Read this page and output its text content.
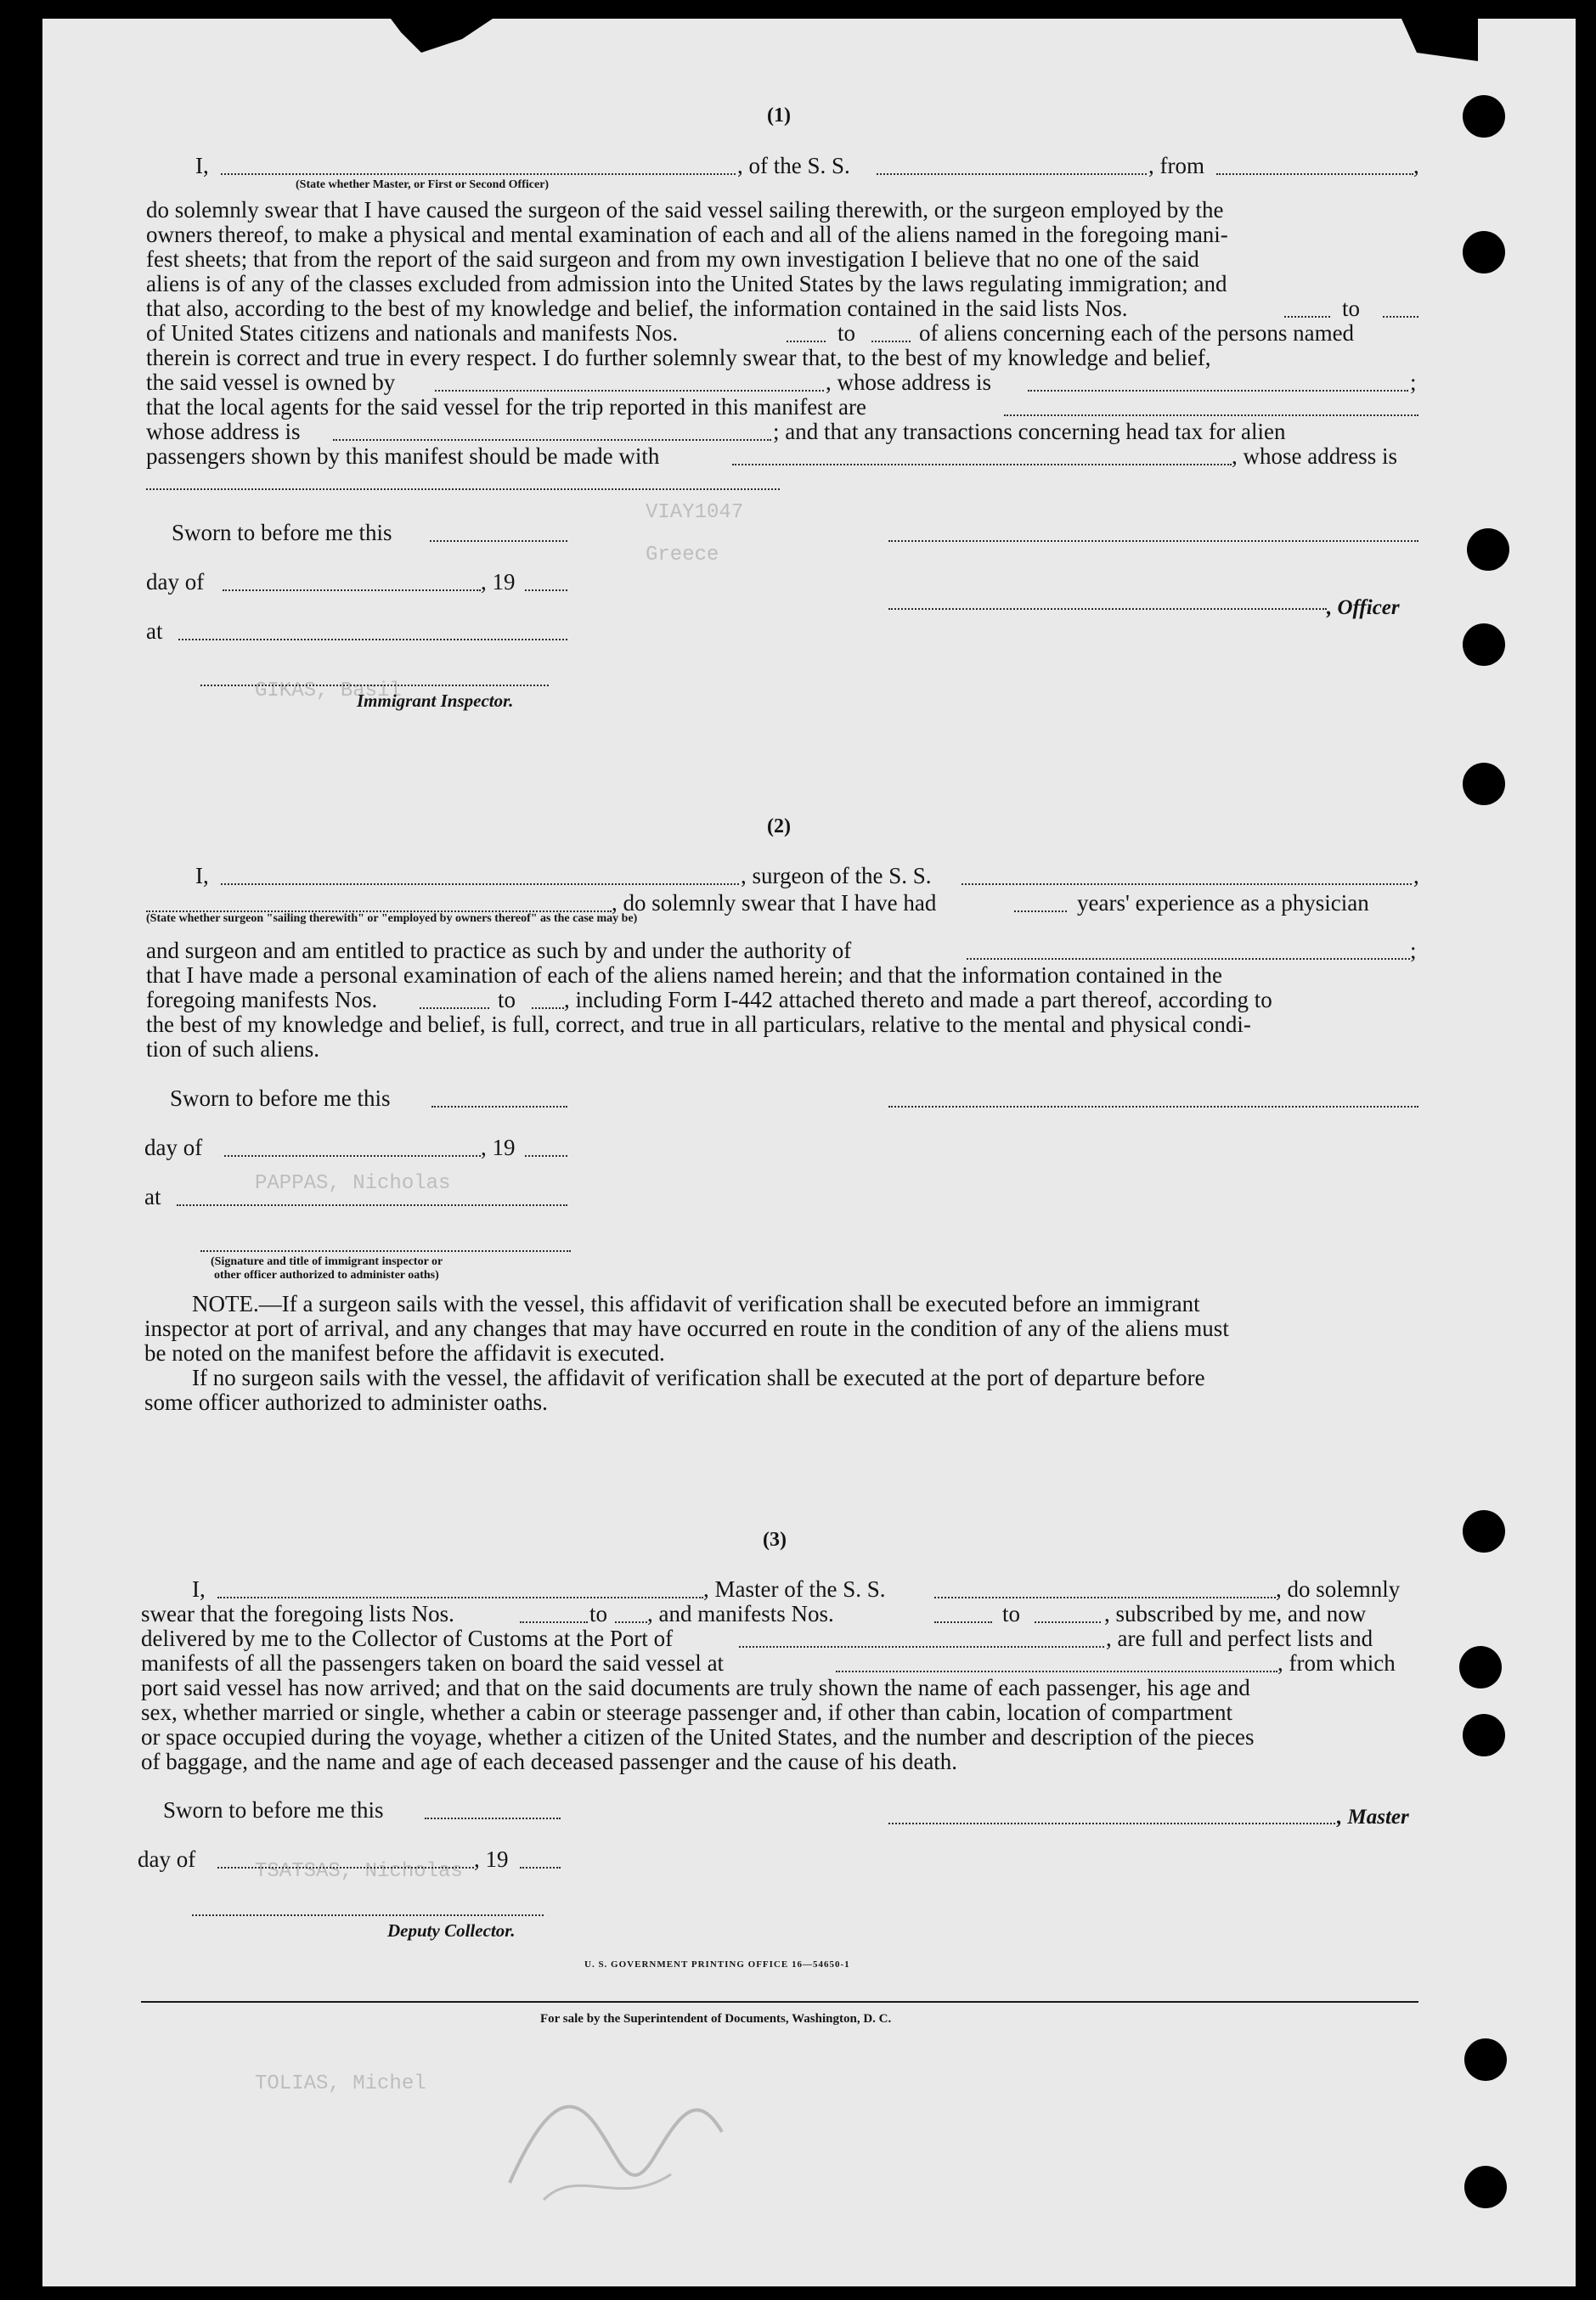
VIAY1047
Greece
GIKAS, Basil
PAPPAS, Nicholas
TSATSAS, Nicholas
TOLIAS, Michel
(1)
I,	, of the S. S.	, from	,
(State whether Master, or First or Second Officer)
do solemnly swear that I have caused the surgeon of the said vessel sailing therewith, or the surgeon employed by the
owners thereof, to make a physical and mental examination of each and all of the aliens named in the foregoing mani-
fest sheets; that from the report of the said surgeon and from my own investigation I believe that no one of the said
aliens is of any of the classes excluded from admission into the United States by the laws regulating immigration; and
that also, according to the best of my knowledge and belief, the information contained in the said lists Nos.	to
of United States citizens and nationals and manifests Nos.	to	of aliens concerning each of the persons named
therein is correct and true in every respect. I do further solemnly swear that, to the best of my knowledge and belief,
the said vessel is owned by	, whose address is	;
that the local agents for the said vessel for the trip reported in this manifest are
whose address is	; and that any transactions concerning head tax for alien
passengers shown by this manifest should be made with	, whose address is
Sworn to before me this
day of	, 19
, Officer
at
Immigrant Inspector.
(2)
I,	, surgeon of the S. S.	,
, do solemnly swear that I have had	years' experience as a physician
(State whether surgeon "sailing therewith" or "employed by owners thereof" as the case may be)
and surgeon and am entitled to practice as such by and under the authority of	;
that I have made a personal examination of each of the aliens named herein; and that the information contained in the
foregoing manifests Nos.	to , including Form I-442 attached thereto and made a part thereof, according to
the best of my knowledge and belief, is full, correct, and true in all particulars, relative to the mental and physical condi-
tion of such aliens.
Sworn to before me this
day of	, 19
at
(Signature and title of immigrant inspector or
other officer authorized to administer oaths)
NOTE.—If a surgeon sails with the vessel, this affidavit of verification shall be executed before an immigrant
inspector at port of arrival, and any changes that may have occurred en route in the condition of any of the aliens must
be noted on the manifest before the affidavit is executed.
If no surgeon sails with the vessel, the affidavit of verification shall be executed at the port of departure before
some officer authorized to administer oaths.
(3)
I,	, Master of the S. S.	, do solemnly
swear that the foregoing lists Nos.	to , and manifests Nos.	to	, subscribed by me, and now
delivered by me to the Collector of Customs at the Port of	, are full and perfect lists and
manifests of all the passengers taken on board the said vessel at	, from which
port said vessel has now arrived; and that on the said documents are truly shown the name of each passenger, his age and
sex, whether married or single, whether a cabin or steerage passenger and, if other than cabin, location of compartment
or space occupied during the voyage, whether a citizen of the United States, and the number and description of the pieces
of baggage, and the name and age of each deceased passenger and the cause of his death.
Sworn to before me this	, Master
day of	, 19
Deputy Collector.
U. S. GOVERNMENT PRINTING OFFICE 16—54650-1
For sale by the Superintendent of Documents, Washington, D. C.
